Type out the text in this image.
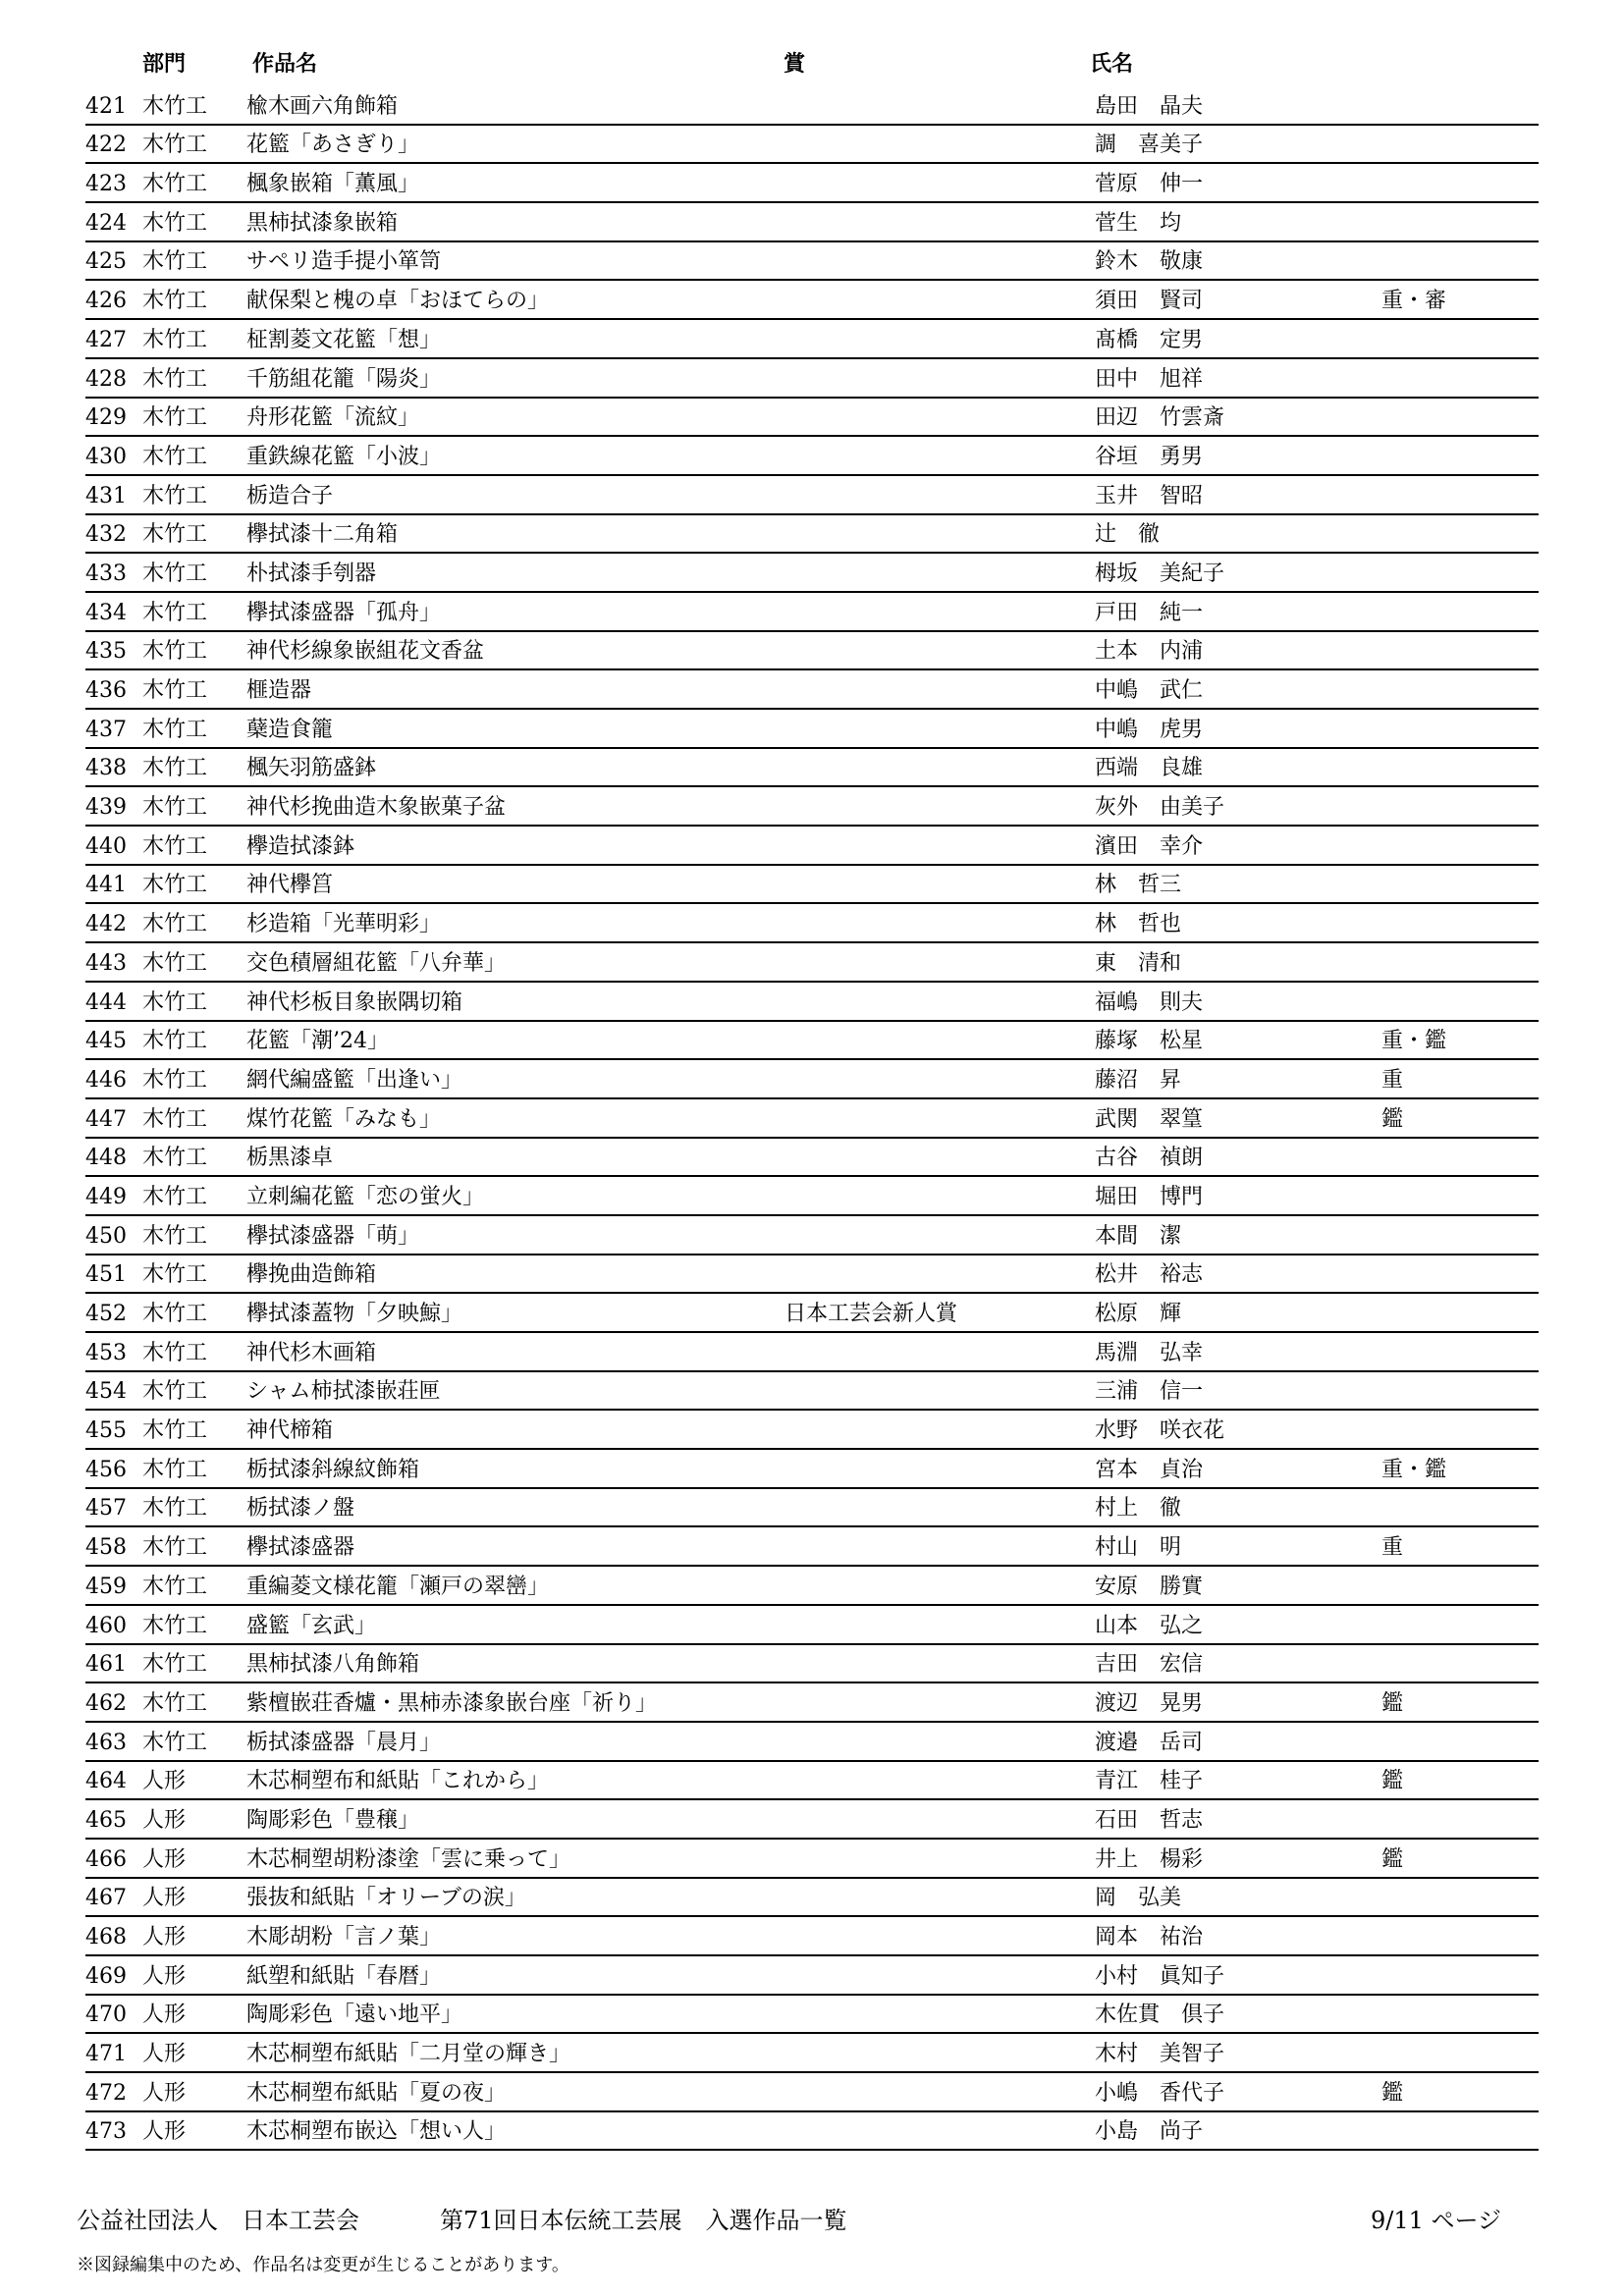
部門	作品名	賞	氏名
421 木竹工 楡木画六角飾箱	島田　晶夫
422 木竹工 花籃「あさぎり」	調　喜美子
423 木竹工 楓象嵌箱「薫風」	菅原　伸一
424 木竹工 黒柿拭漆象嵌箱	菅生　均
425 木竹工 サペリ造手提小箪笥	鈴木　敬康
426 木竹工 献保梨と槐の卓「おほてらの」	須田　賢司	重・審
427 木竹工 柾割菱文花籃「想」	髙橋　定男
428 木竹工 千筋組花籠「陽炎」	田中　旭祥
429 木竹工 舟形花籃「流紋」	田辺　竹雲斎
430 木竹工 重鉄線花籃「小波」	谷垣　勇男
431 木竹工 栃造合子	玉井　智昭
432 木竹工 欅拭漆十二角箱	辻　徹
433 木竹工 朴拭漆手刳器	栂坂　美紀子
434 木竹工 欅拭漆盛器「孤舟」	戸田　純一
435 木竹工 神代杉線象嵌組花文香盆	土本　内浦
436 木竹工 榧造器	中嶋　武仁
437 木竹工 蘖造食籠	中嶋　虎男
438 木竹工 楓矢羽筋盛鉢	西端　良雄
439 木竹工 神代杉挽曲造木象嵌菓子盆	灰外　由美子
440 木竹工 欅造拭漆鉢	濱田　幸介
441 木竹工 神代欅筥	林　哲三
442 木竹工 杉造箱「光華明彩」	林　哲也
443 木竹工 交色積層組花籃「八弁華」	東　清和
444 木竹工 神代杉板目象嵌隅切箱	福嶋　則夫
445 木竹工 花籃「潮’24」	藤塚　松星	重・鑑
446 木竹工 網代編盛籃「出逢い」	藤沼　昇	重
447 木竹工 煤竹花籃「みなも」	武関　翠篁	鑑
448 木竹工 栃黒漆卓	古谷　禎朗
449 木竹工 立刺編花籃「恋の蛍火」	堀田　博門
450 木竹工 欅拭漆盛器「萌」	本間　潔
451 木竹工 欅挽曲造飾箱	松井　裕志
452 木竹工 欅拭漆蓋物「夕映鯨」	日本工芸会新人賞	松原　輝
453 木竹工 神代杉木画箱	馬淵　弘幸
454 木竹工 シャム柿拭漆嵌荘匣	三浦　信一
455 木竹工 神代楴箱	水野　咲衣花
456 木竹工 栃拭漆斜線紋飾箱	宮本　貞治	重・鑑
457 木竹工 栃拭漆ノ盤	村上　徹
458 木竹工 欅拭漆盛器	村山　明	重
459 木竹工 重編菱文様花籠「瀬戸の翠巒」	安原　勝實
460 木竹工 盛籃「玄武」	山本　弘之
461 木竹工 黒柿拭漆八角飾箱	吉田　宏信
462 木竹工 紫檀嵌荘香爐・黒柿赤漆象嵌台座「祈り」	渡辺　晃男	鑑
463 木竹工 栃拭漆盛器「晨月」	渡邉　岳司
464 人形	木芯桐塑布和紙貼「これから」	青江　桂子	鑑
465 人形	陶彫彩色「豊穣」	石田　哲志
466 人形	木芯桐塑胡粉漆塗「雲に乗って」	井上　楊彩	鑑
467 人形	張抜和紙貼「オリーブの涙」	岡　弘美
468 人形	木彫胡粉「言ノ葉」	岡本　祐治
469 人形	紙塑和紙貼「春暦」	小村　眞知子
470 人形	陶彫彩色「遠い地平」	木佐貫　倶子
471 人形	木芯桐塑布紙貼「二月堂の輝き」	木村　美智子
472 人形	木芯桐塑布紙貼「夏の夜」	小嶋　香代子	鑑
473 人形	木芯桐塑布嵌込「想い人」	小島　尚子
公益社団法人　日本工芸会	第71回日本伝統工芸展　入選作品一覧	9/11 ページ
※図録編集中のため、作品名は変更が生じることがあります。
